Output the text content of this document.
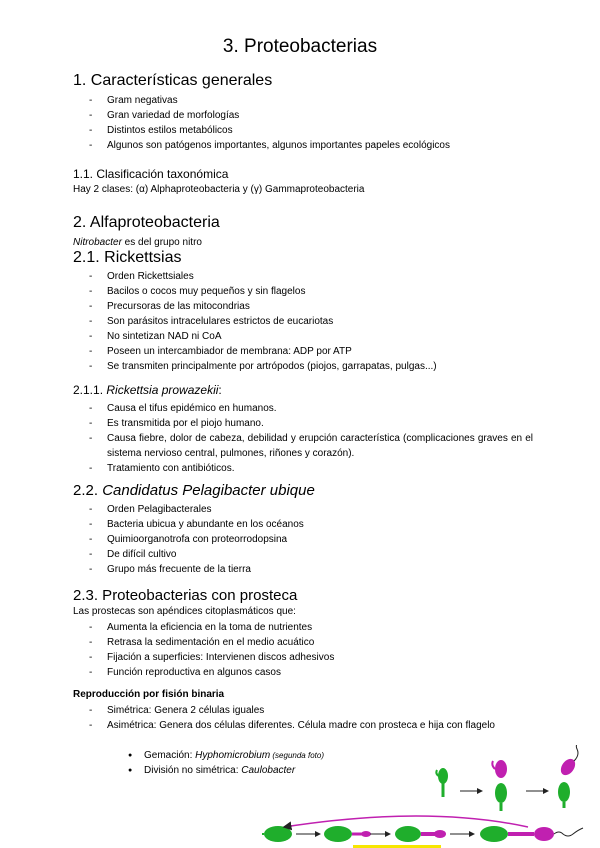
3. Proteobacterias
1. Características generales
- Gram negativas
- Gran variedad de morfologías
- Distintos estilos metabólicos
- Algunos son patógenos importantes, algunos importantes papeles ecológicos
1.1. Clasificación taxonómica
Hay 2 clases: (α) Alphaproteobacteria y (γ) Gammaproteobacteria
2. Alfaproteobacteria
Nitrobacter es del grupo nitro
2.1. Rickettsias
- Orden Rickettsiales
- Bacilos o cocos muy pequeños y sin flagelos
- Precursoras de las mitocondrias
- Son parásitos intracelulares estrictos de eucariotas
- No sintetizan NAD ni CoA
- Poseen un intercambiador de membrana: ADP por ATP
- Se transmiten principalmente por artrópodos (piojos, garrapatas, pulgas...)
2.1.1. Rickettsia prowazekii:
- Causa el tifus epidémico en humanos.
- Es transmitida por el piojo humano.
- Causa fiebre, dolor de cabeza, debilidad y erupción característica (complicaciones graves en el sistema nervioso central, pulmones, riñones y corazón).
- Tratamiento con antibióticos.
2.2. Candidatus Pelagibacter ubique
- Orden Pelagibacterales
- Bacteria ubicua y abundante en los océanos
- Quimioorganotrofa con proteorrodopsina
- De difícil cultivo
- Grupo más frecuente de la tierra
2.3. Proteobacterias con prosteca
Las prostecas son apéndices citoplasmáticos que:
- Aumenta la eficiencia en la toma de nutrientes
- Retrasa la sedimentación en el medio acuático
- Fijación a superficies: Intervienen discos adhesivos
- Función reproductiva en algunos casos
Reproducción por fisión binaria
- Simétrica: Genera 2 células iguales
- Asimétrica: Genera dos células diferentes. Célula madre con prosteca e hija con flagelo
● Gemación: Hyphomicrobium (segunda foto)
● División no simétrica: Caulobacter
